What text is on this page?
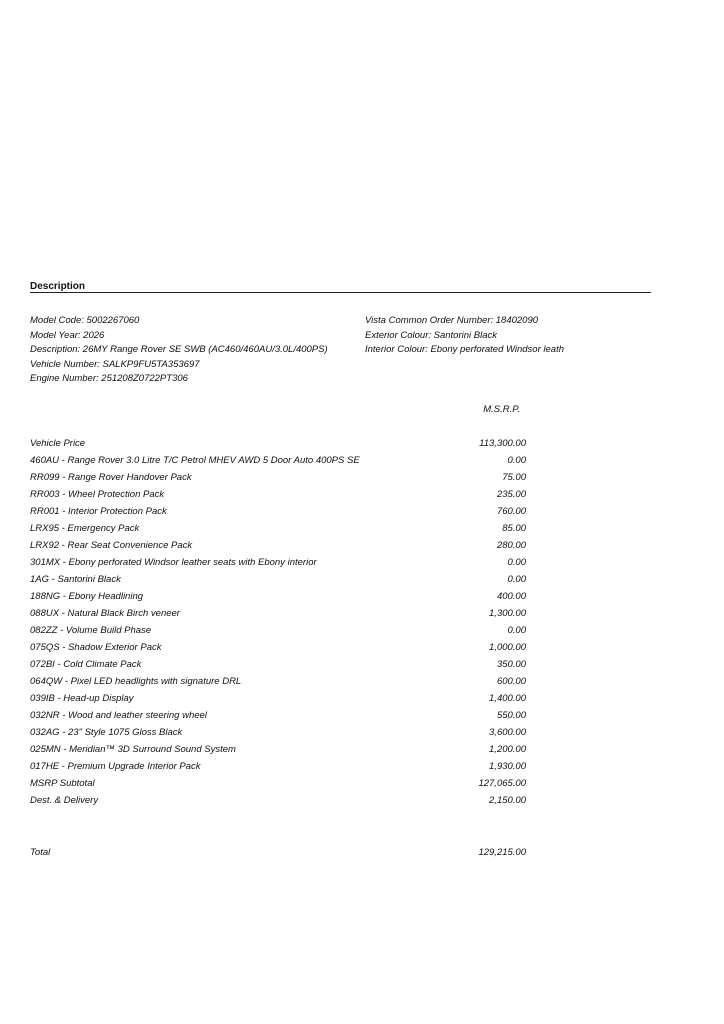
Description
Model Code: 5002267060
Model Year: 2026
Description: 26MY Range Rover SE SWB (AC460/460AU/3.0L/400PS)
Vehicle Number: SALKP9FU5TA353697
Engine Number: 251208Z0722PT306
Vista Common Order Number: 18402090
Exterior Colour: Santorini Black
Interior Colour: Ebony perforated Windsor leath
M.S.R.P.
Vehicle Price	113,300.00
460AU - Range Rover 3.0 Litre T/C Petrol MHEV AWD 5 Door Auto 400PS SE	0.00
RR099 - Range Rover Handover Pack	75.00
RR003 - Wheel Protection Pack	235.00
RR001 - Interior Protection Pack	760.00
LRX95 - Emergency Pack	85.00
LRX92 - Rear Seat Convenience Pack	280.00
301MX - Ebony perforated Windsor leather seats with Ebony interior	0.00
1AG - Santorini Black	0.00
188NG - Ebony Headlining	400.00
088UX - Natural Black Birch veneer	1,300.00
082ZZ - Volume Build Phase	0.00
075QS - Shadow Exterior Pack	1,000.00
072BI - Cold Climate Pack	350.00
064QW - Pixel LED headlights with signature DRL	600.00
039IB - Head-up Display	1,400.00
032NR - Wood and leather steering wheel	550.00
032AG - 23" Style 1075 Gloss Black	3,600.00
025MN - Meridian™ 3D Surround Sound System	1,200.00
017HE - Premium Upgrade Interior Pack	1,930.00
MSRP Subtotal	127,065.00
Dest. & Delivery	2,150.00
Total	129,215.00
